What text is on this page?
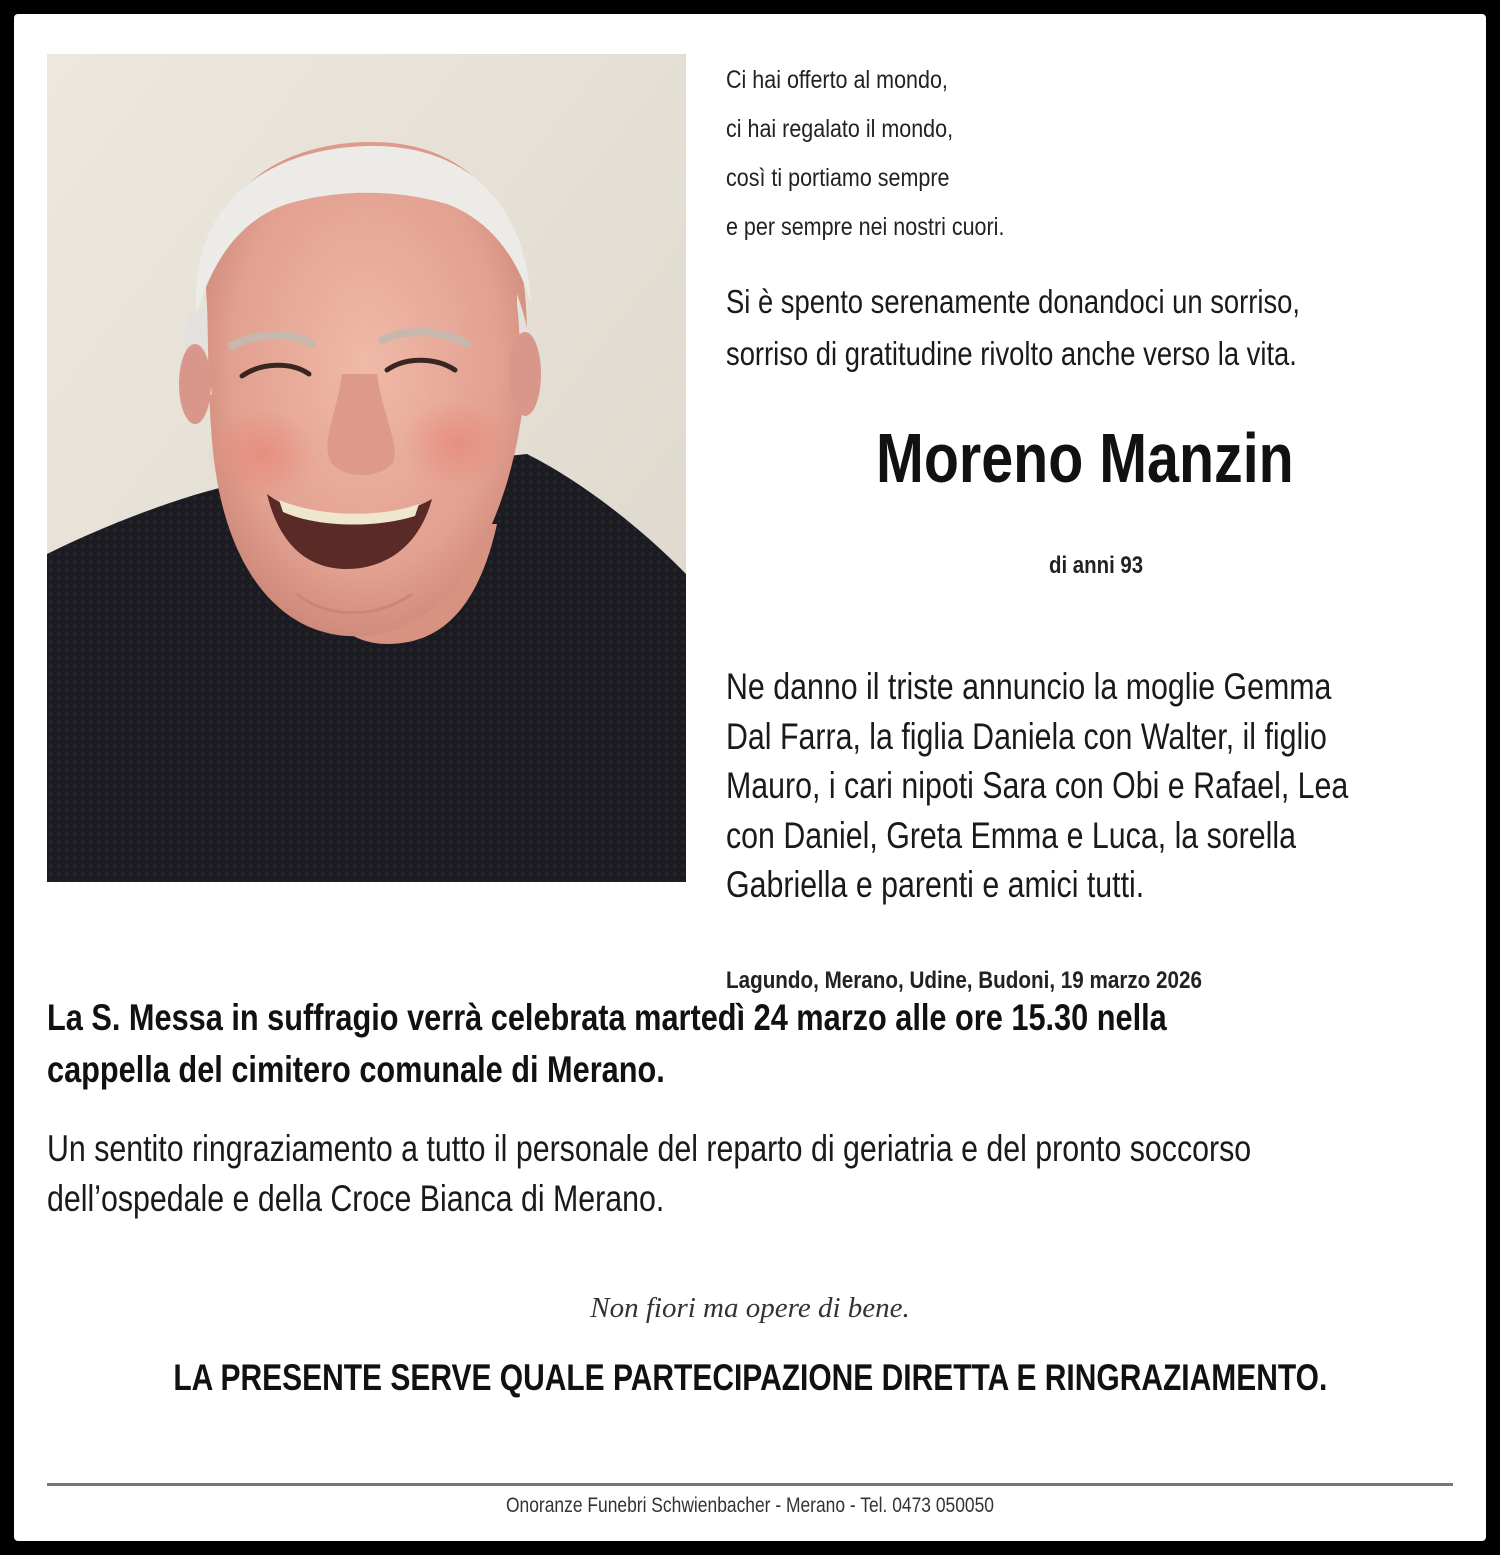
Ci hai offerto al mondo,
ci hai regalato il mondo,
così ti portiamo sempre
e per sempre nei nostri cuori.
Si è spento serenamente donandoci un sorriso,
sorriso di gratitudine rivolto anche verso la vita.
Moreno Manzin
di anni 93
Ne danno il triste annuncio la moglie Gemma
Dal Farra, la figlia Daniela con Walter, il figlio
Mauro, i cari nipoti Sara con Obi e Rafael, Lea
con Daniel, Greta Emma e Luca, la sorella
Gabriella e parenti e amici tutti.
Lagundo, Merano, Udine, Budoni, 19 marzo 2026
La S. Messa in suffragio verrà celebrata martedì 24 marzo alle ore 15.30 nella
cappella del cimitero comunale di Merano.
Un sentito ringraziamento a tutto il personale del reparto di geriatria e del pronto soccorso
dell’ospedale e della Croce Bianca di Merano.
Non fiori ma opere di bene.
LA PRESENTE SERVE QUALE PARTECIPAZIONE DIRETTA E RINGRAZIAMENTO.
Onoranze Funebri Schwienbacher - Merano - Tel. 0473 050050
